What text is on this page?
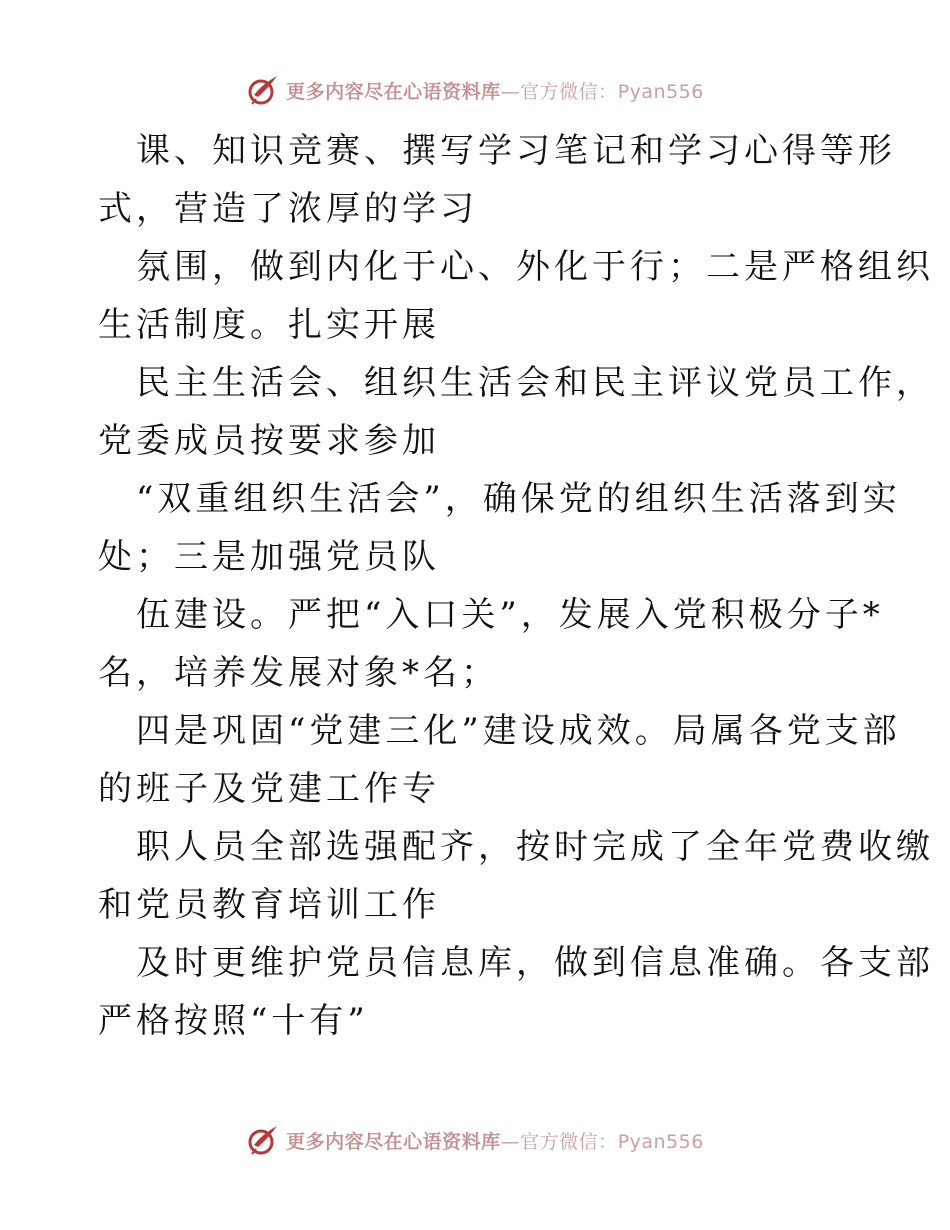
更多内容尽在心语资料库—官方微信：Pyan556
课、知识竞赛、撰写学习笔记和学习心得等形
式，营造了浓厚的学习
氛围，做到内化于心、外化于行；二是严格组织
生活制度。扎实开展
民主生活会、组织生活会和民主评议党员工作，
党委成员按要求参加
“双重组织生活会”，确保党的组织生活落到实
处；三是加强党员队
伍建设。严把“入口关”，发展入党积极分子*
名，培养发展对象*名；
四是巩固“党建三化”建设成效。局属各党支部
的班子及党建工作专
职人员全部选强配齐，按时完成了全年党费收缴
和党员教育培训工作
及时更维护党员信息库，做到信息准确。各支部
严格按照“十有”
更多内容尽在心语资料库—官方微信：Pyan556
